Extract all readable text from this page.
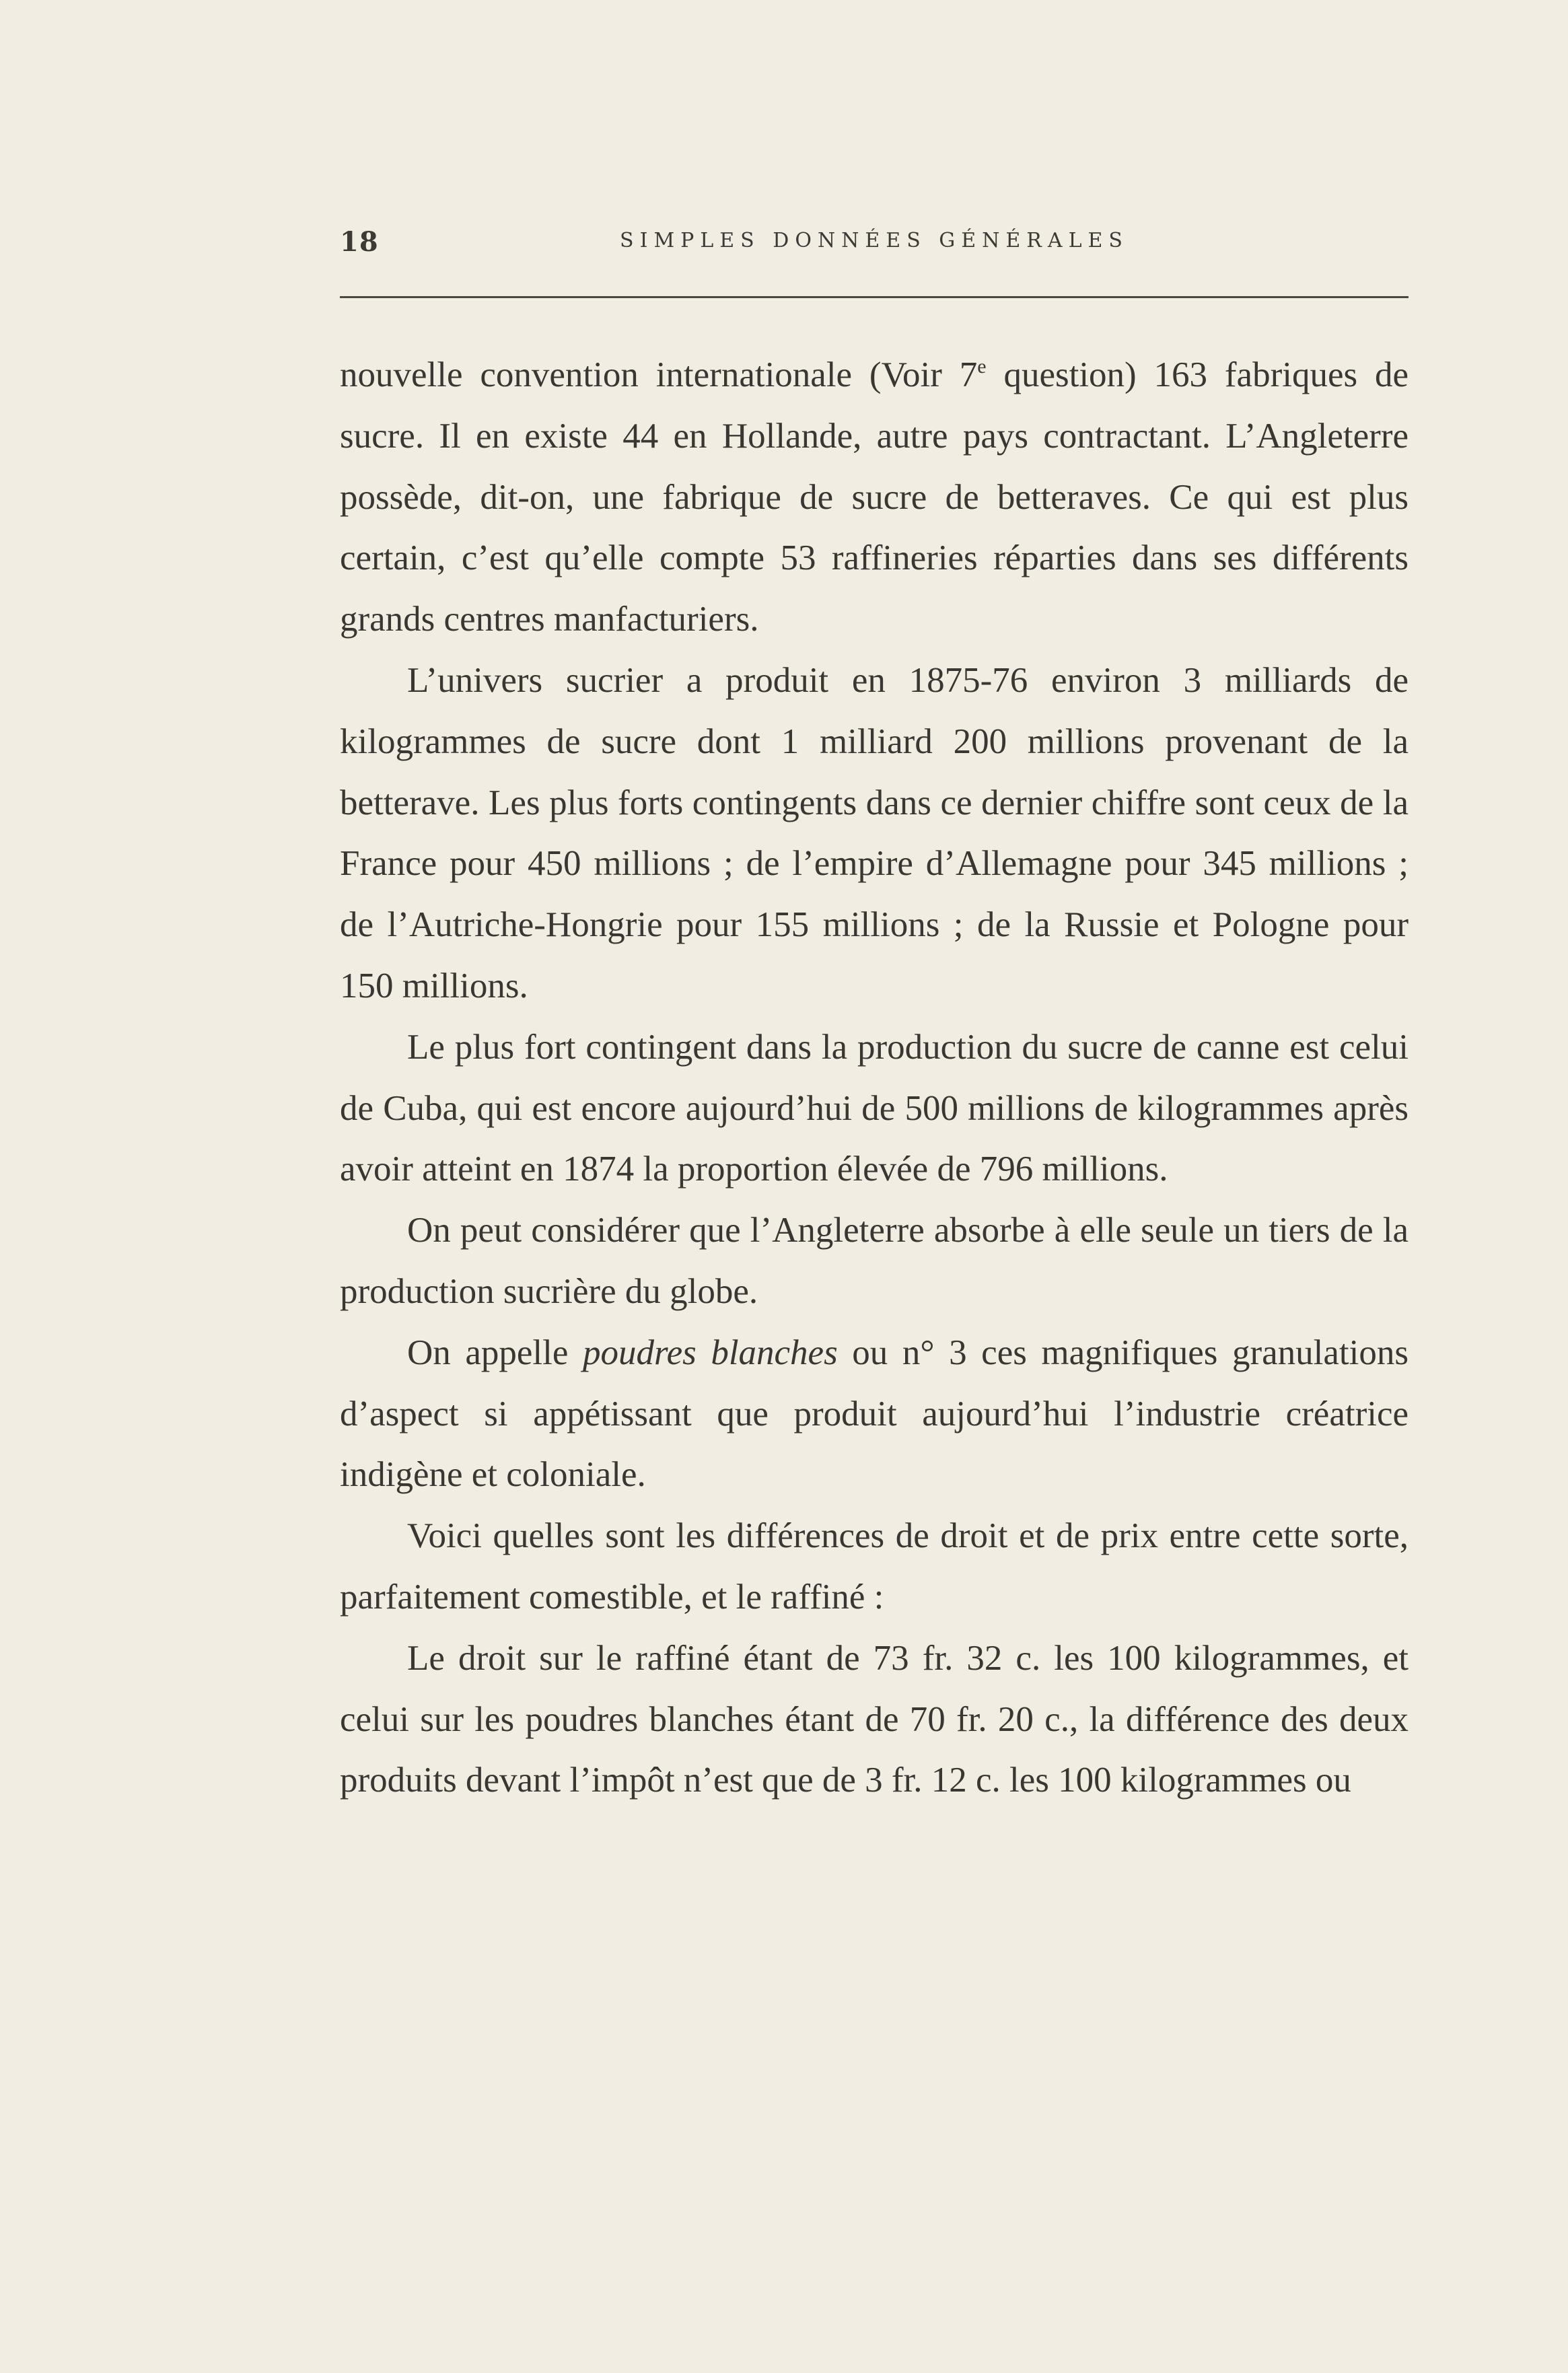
18	SIMPLES DONNÉES GÉNÉRALES

nouvelle convention internationale (Voir 7e question) 163 fabriques de sucre. Il en existe 44 en Hollande, autre pays contractant. L’Angleterre possède, dit-on, une fabrique de sucre de betteraves. Ce qui est plus certain, c’est qu’elle compte 53 raffineries réparties dans ses différents grands centres manfacturiers.

L’univers sucrier a produit en 1875-76 environ 3 milliards de kilogrammes de sucre dont 1 milliard 200 millions provenant de la betterave. Les plus forts contingents dans ce dernier chiffre sont ceux de la France pour 450 millions ; de l’empire d’Allemagne pour 345 millions ; de l’Autriche-Hongrie pour 155 millions ; de la Russie et Pologne pour 150 millions.

Le plus fort contingent dans la production du sucre de canne est celui de Cuba, qui est encore aujourd’hui de 500 millions de kilogrammes après avoir atteint en 1874 la proportion élevée de 796 millions.

On peut considérer que l’Angleterre absorbe à elle seule un tiers de la production sucrière du globe.

On appelle poudres blanches ou n° 3 ces magnifiques granulations d’aspect si appétissant que produit aujourd’hui l’industrie créatrice indigène et coloniale.

Voici quelles sont les différences de droit et de prix entre cette sorte, parfaitement comestible, et le raffiné :

Le droit sur le raffiné étant de 73 fr. 32 c. les 100 kilogrammes, et celui sur les poudres blanches étant de 70 fr. 20 c., la différence des deux produits devant l’impôt n’est que de 3 fr. 12 c. les 100 kilogrammes ou
